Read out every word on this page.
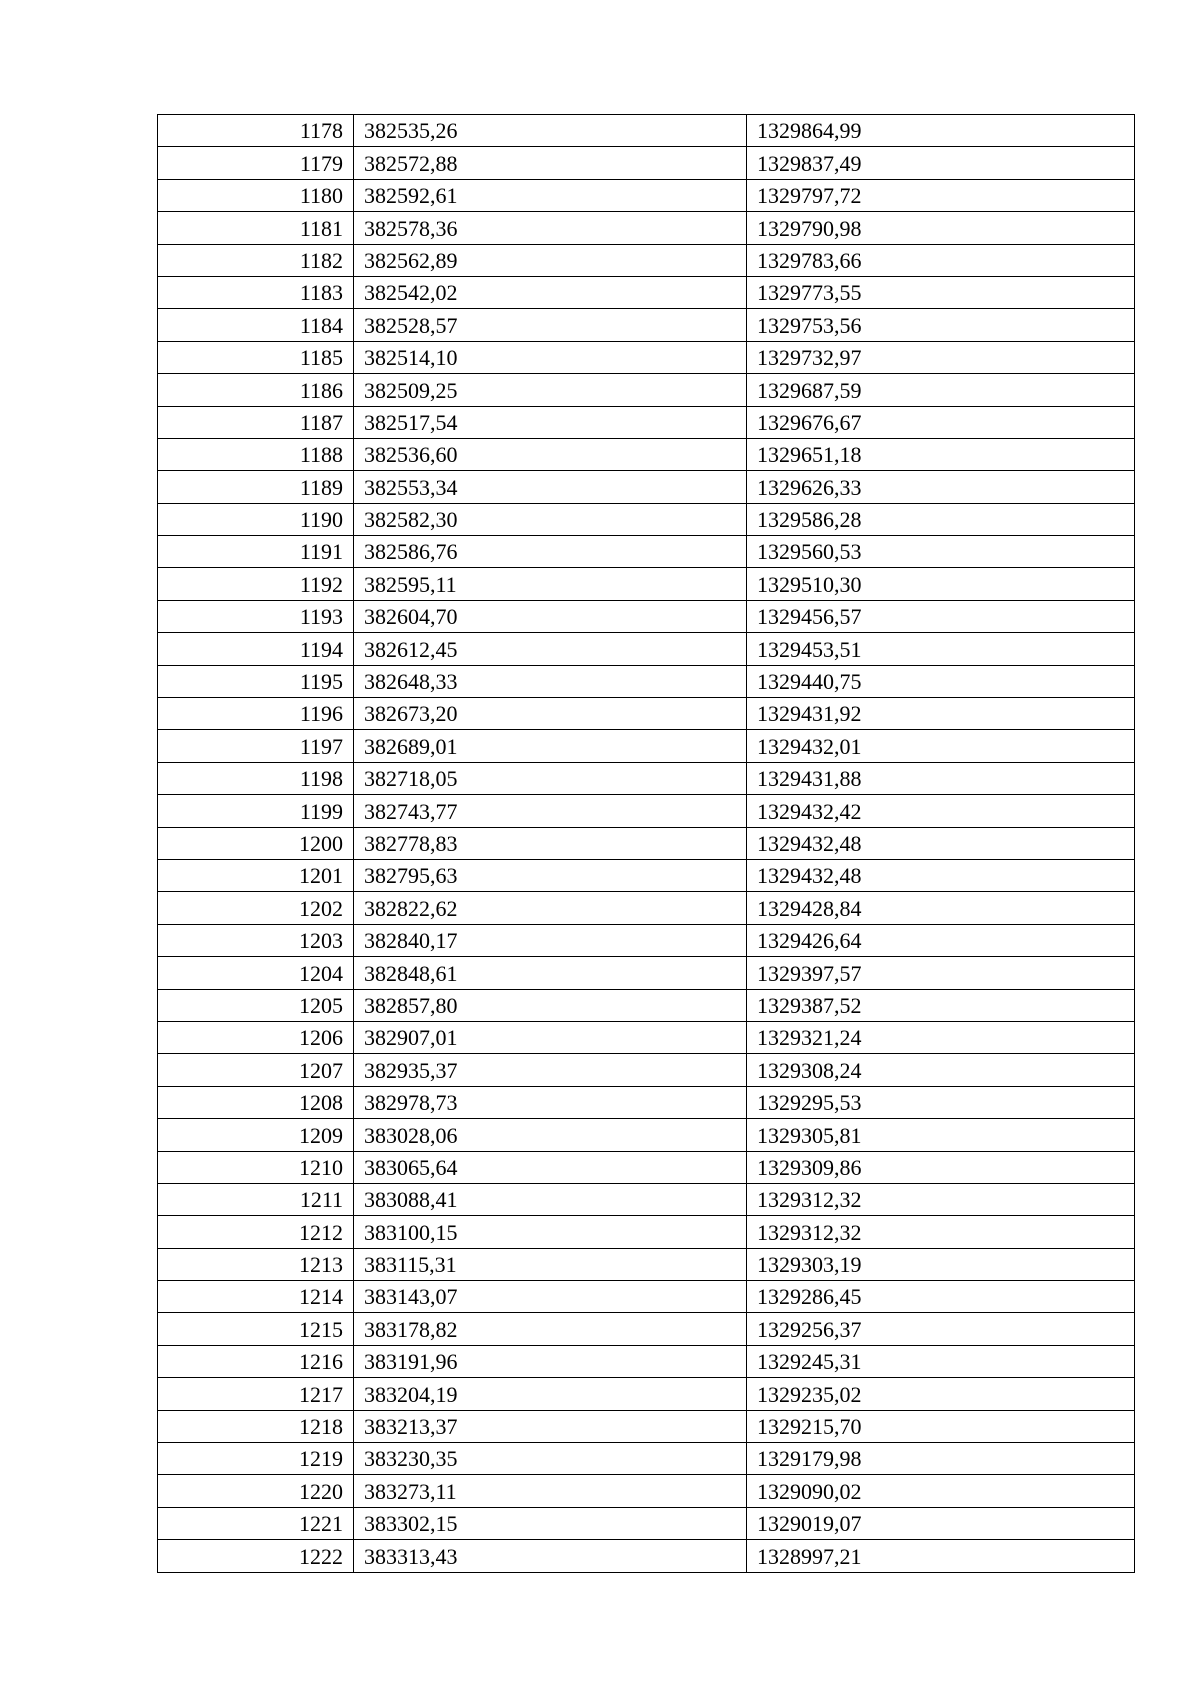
1178	382535,26	1329864,99
1179	382572,88	1329837,49
1180	382592,61	1329797,72
1181	382578,36	1329790,98
1182	382562,89	1329783,66
1183	382542,02	1329773,55
1184	382528,57	1329753,56
1185	382514,10	1329732,97
1186	382509,25	1329687,59
1187	382517,54	1329676,67
1188	382536,60	1329651,18
1189	382553,34	1329626,33
1190	382582,30	1329586,28
1191	382586,76	1329560,53
1192	382595,11	1329510,30
1193	382604,70	1329456,57
1194	382612,45	1329453,51
1195	382648,33	1329440,75
1196	382673,20	1329431,92
1197	382689,01	1329432,01
1198	382718,05	1329431,88
1199	382743,77	1329432,42
1200	382778,83	1329432,48
1201	382795,63	1329432,48
1202	382822,62	1329428,84
1203	382840,17	1329426,64
1204	382848,61	1329397,57
1205	382857,80	1329387,52
1206	382907,01	1329321,24
1207	382935,37	1329308,24
1208	382978,73	1329295,53
1209	383028,06	1329305,81
1210	383065,64	1329309,86
1211	383088,41	1329312,32
1212	383100,15	1329312,32
1213	383115,31	1329303,19
1214	383143,07	1329286,45
1215	383178,82	1329256,37
1216	383191,96	1329245,31
1217	383204,19	1329235,02
1218	383213,37	1329215,70
1219	383230,35	1329179,98
1220	383273,11	1329090,02
1221	383302,15	1329019,07
1222	383313,43	1328997,21
